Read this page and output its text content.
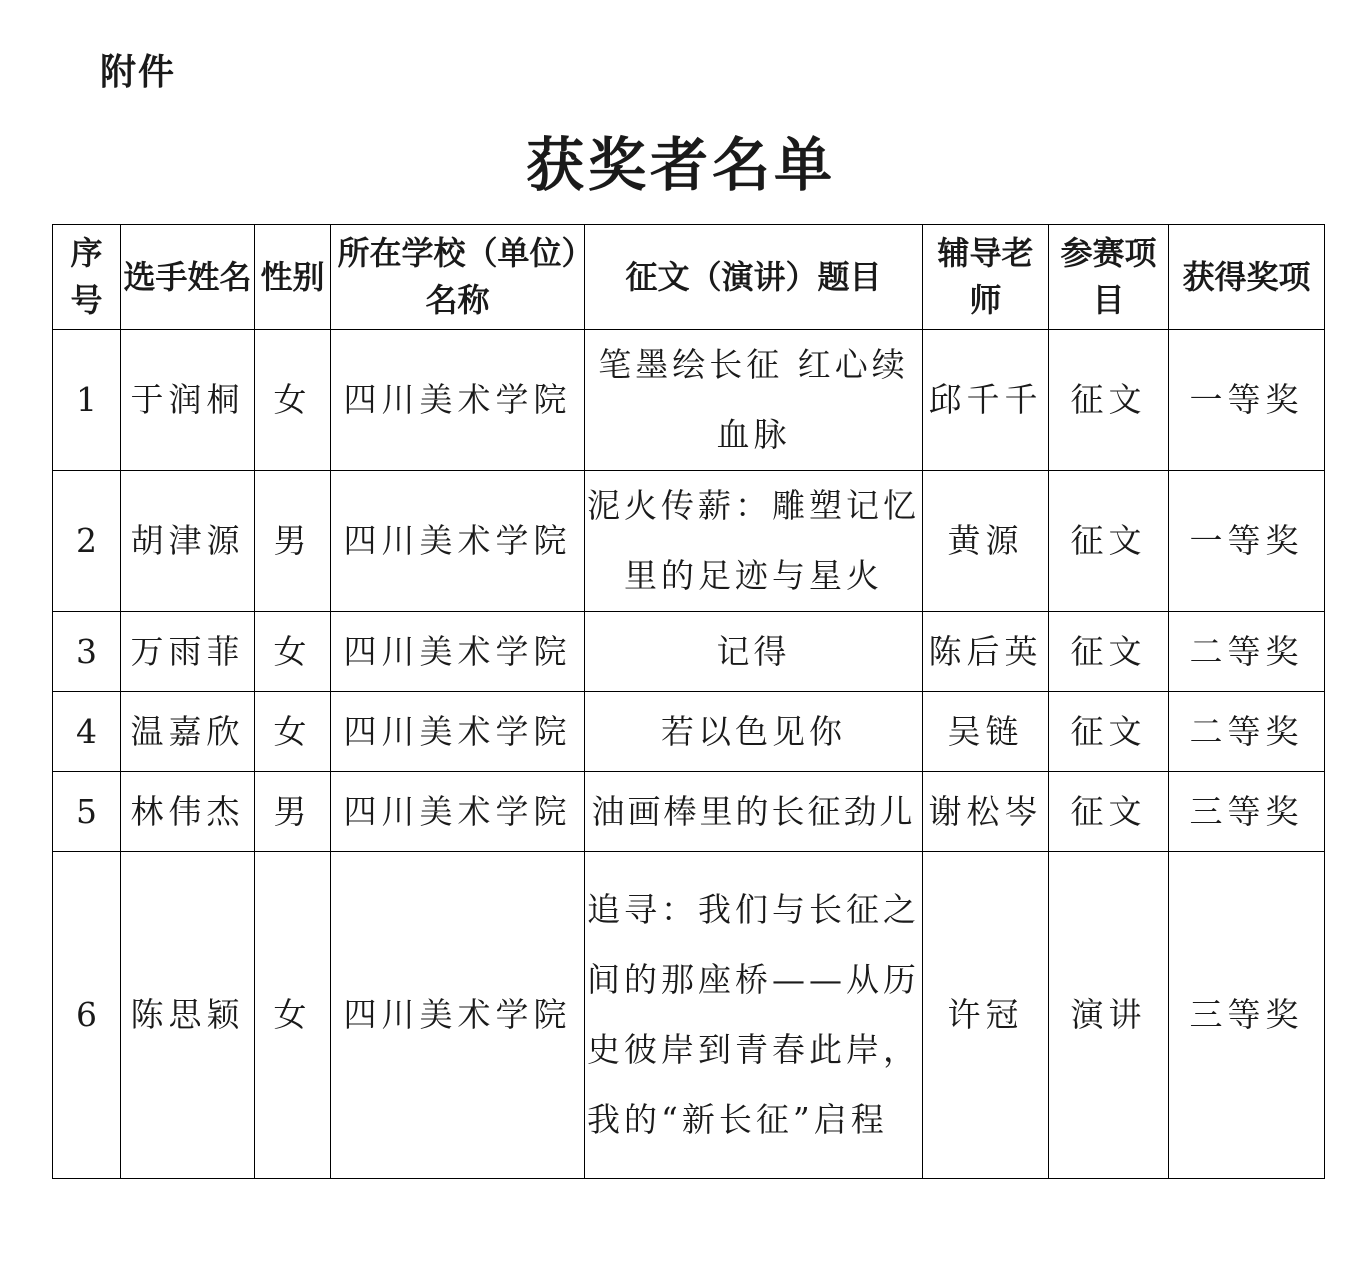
附件
获奖者名单
序号	选手姓名	性别	所在学校（单位）名称	征文（演讲）题目	辅导老师	参赛项目	获得奖项
1	于润桐	女	四川美术学院	笔墨绘长征 红心续血脉	邱千千	征文	一等奖
2	胡津源	男	四川美术学院	泥火传薪：雕塑记忆里的足迹与星火	黄源	征文	一等奖
3	万雨菲	女	四川美术学院	记得	陈后英	征文	二等奖
4	温嘉欣	女	四川美术学院	若以色见你	吴链	征文	二等奖
5	林伟杰	男	四川美术学院	油画棒里的长征劲儿	谢松岑	征文	三等奖
6	陈思颖	女	四川美术学院	追寻：我们与长征之间的那座桥——从历史彼岸到青春此岸，我的“新长征”启程	许冠	演讲	三等奖
